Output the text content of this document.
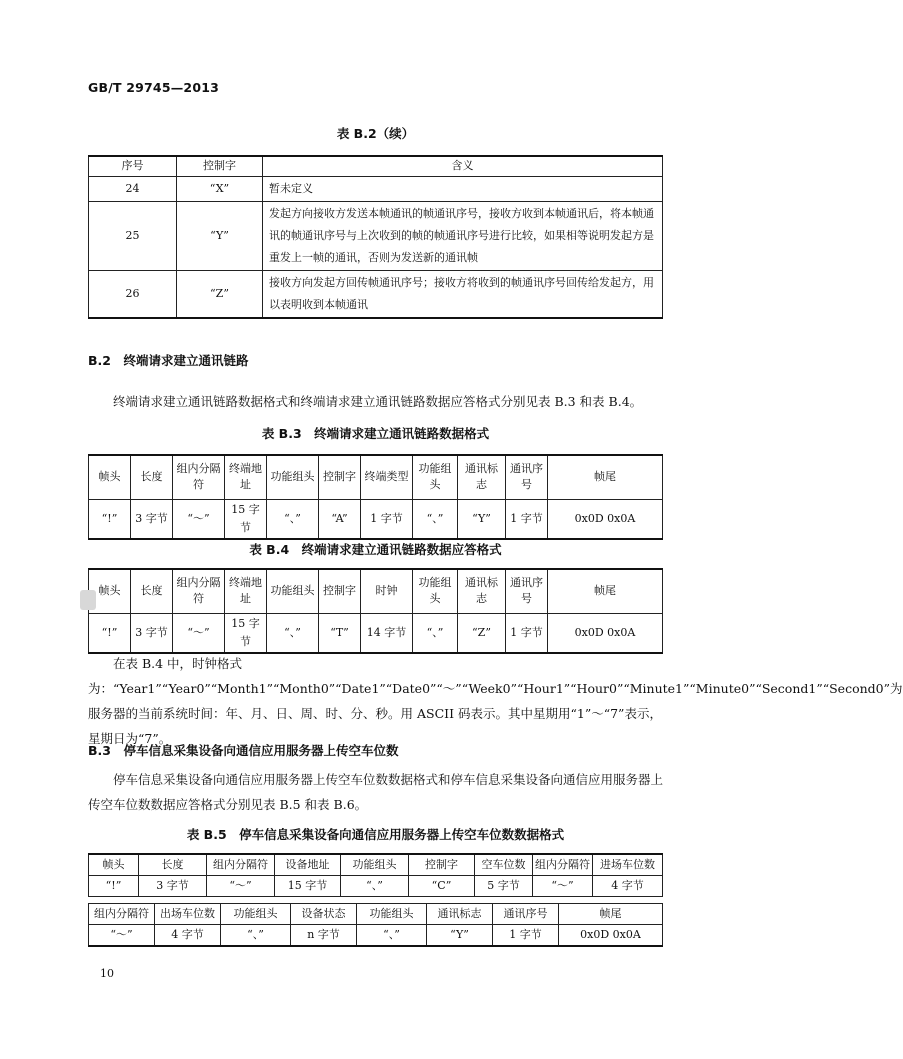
GB/T 29745—2013
表 B.2（续）
序号	控制字	含义
24	“X”	暂未定义
25	“Y”	发起方向接收方发送本帧通讯的帧通讯序号，接收方收到本帧通讯后，将本帧通讯的帧通讯序号与上次收到的帧的帧通讯序号进行比较，如果相等说明发起方是重发上一帧的通讯，否则为发送新的通讯帧
26	“Z”	接收方向发起方回传帧通讯序号；接收方将收到的帧通讯序号回传给发起方，用以表明收到本帧通讯
B.2　终端请求建立通讯链路
终端请求建立通讯链路数据格式和终端请求建立通讯链路数据应答格式分别见表 B.3 和表 B.4。
表 B.3　终端请求建立通讯链路数据格式
帧头	长度	组内分隔符	终端地址	功能组头	控制字	终端类型	功能组头	通讯标志	通讯序号	帧尾
“!”	3 字节	“～”	15 字节	“、”	“A”	1 字节	“、”	“Y”	1 字节	0x0D 0x0A
表 B.4　终端请求建立通讯链路数据应答格式
帧头	长度	组内分隔符	终端地址	功能组头	控制字	时钟	功能组头	通讯标志	通讯序号	帧尾
“!”	3 字节	“～”	15 字节	“、”	“T”	14 字节	“、”	“Z”	1 字节	0x0D 0x0A
在表 B.4 中，时钟格式为：“Year1”“Year0”“Month1”“Month0”“Date1”“Date0”“～”“Week0”“Hour1”“Hour0”“Minute1”“Minute0”“Second1”“Second0”为服务器的当前系统时间：年、月、日、周、时、分、秒。用 ASCII 码表示。其中星期用“1”～“7”表示，星期日为“7”。
B.3　停车信息采集设备向通信应用服务器上传空车位数
停车信息采集设备向通信应用服务器上传空车位数数据格式和停车信息采集设备向通信应用服务器上传空车位数数据应答格式分别见表 B.5 和表 B.6。
表 B.5　停车信息采集设备向通信应用服务器上传空车位数数据格式
帧头	长度	组内分隔符	设备地址	功能组头	控制字	空车位数	组内分隔符	进场车位数
“!”	3 字节	“～”	15 字节	“、”	“C”	5 字节	“～”	4 字节
组内分隔符	出场车位数	功能组头	设备状态	功能组头	通讯标志	通讯序号	帧尾
“～”	4 字节	“、”	n 字节	“、”	“Y”	1 字节	0x0D 0x0A
10
